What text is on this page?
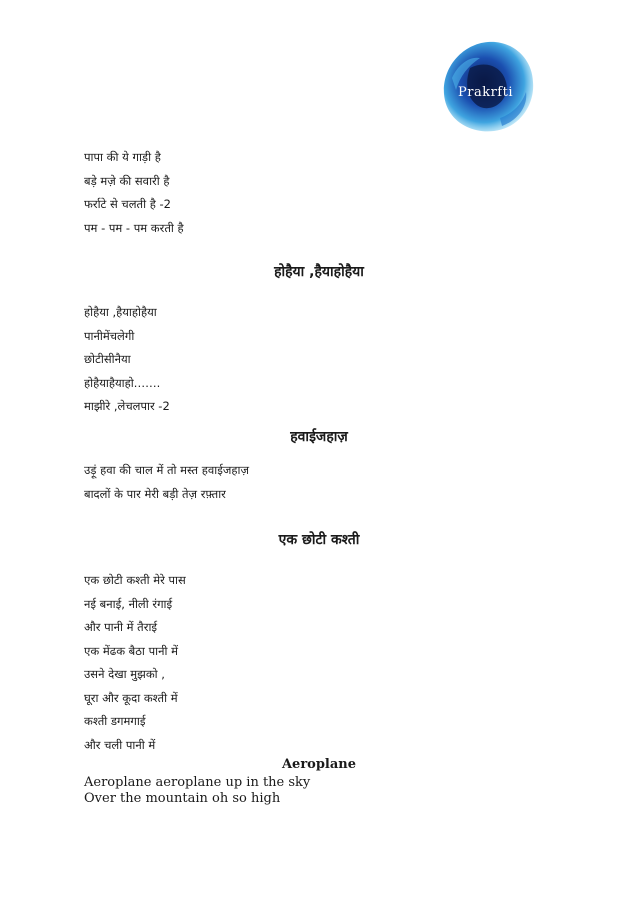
Prakrfti
पापा की ये गाड़ी है
बड़े मज़े की सवारी है
फर्राटे से चलती है -2
पम - पम - पम करती है
होहैया ,हैयाहोहैया
होहैया ,हैयाहोहैया
पानीमेंचलेगी
छोटीसीनैया
होहैयाहैयाहो…….
माझीरे ,लेचलपार -2
हवाईजहाज़
उड़ूं हवा की चाल में तो मस्त हवाईजहाज़
बादलों के पार मेरी बड़ी तेज़ रफ़्तार
एक छोटी कश्ती
एक छोटी कश्ती मेरे पास
नई बनाई, नीली रंगाई
और पानी में तैराई
एक मेंढक बैठा पानी में
उसने देखा मुझको ,
घूरा और कूदा कश्ती में
कश्ती डगमगाई
और चली पानी में
Aeroplane
Aeroplane aeroplane up in the sky
Over the mountain oh so high
